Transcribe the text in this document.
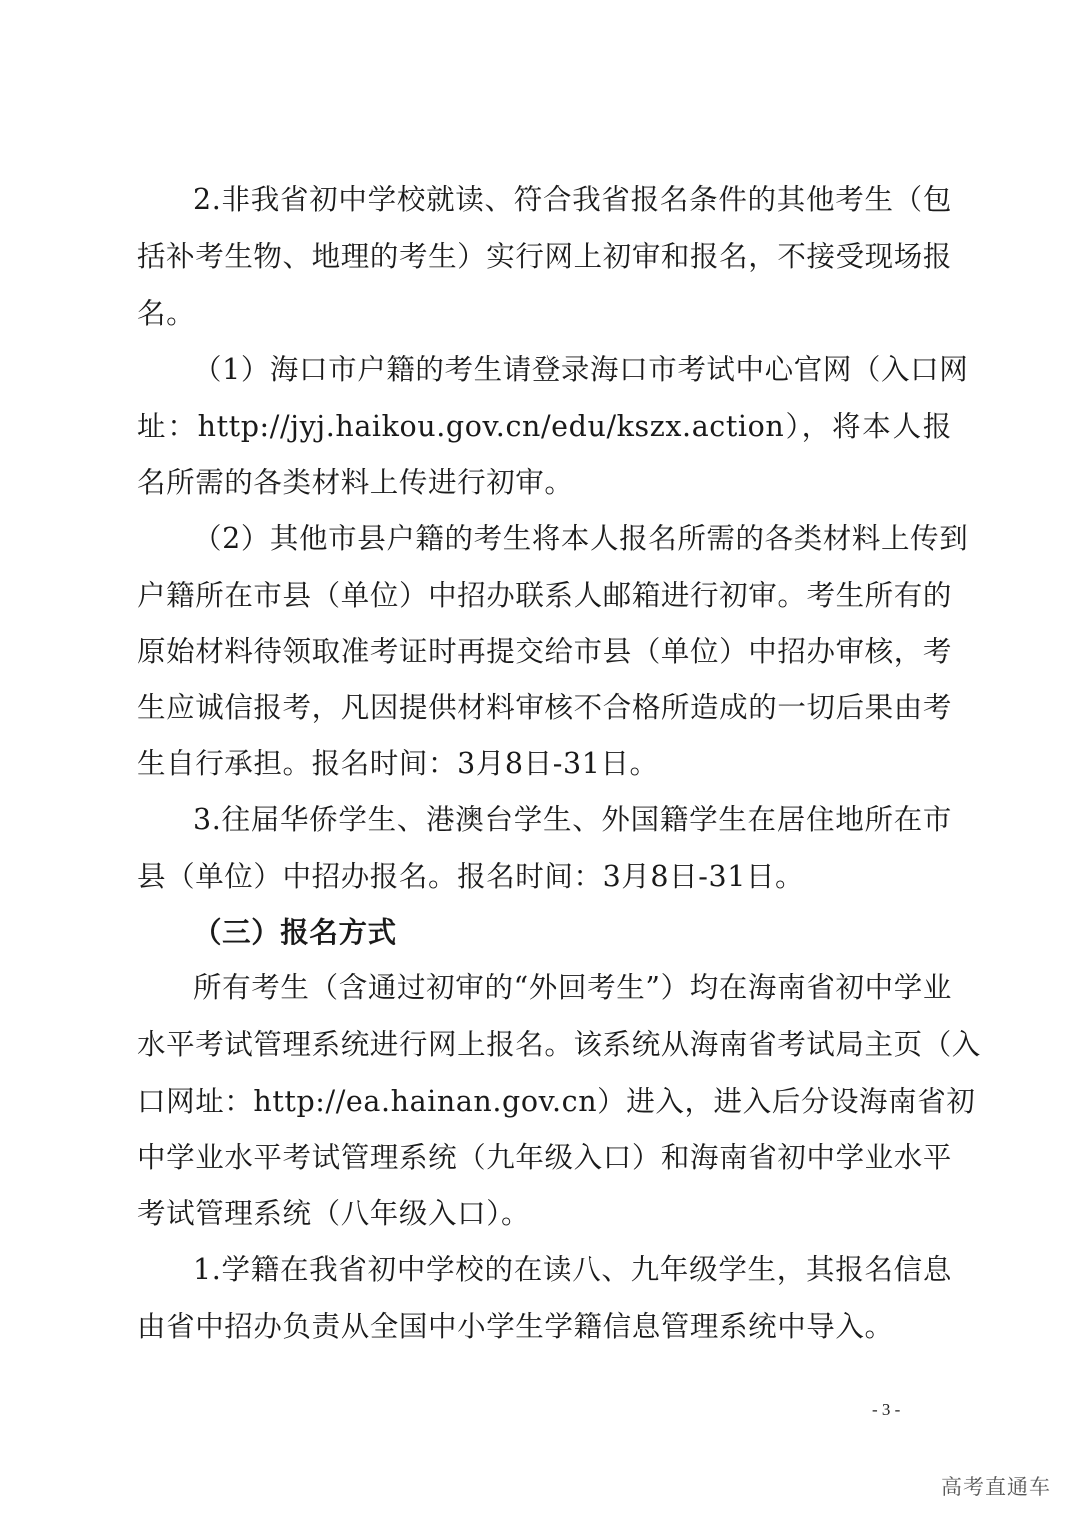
2.非我省初中学校就读、符合我省报名条件的其他考生（包
括补考生物、地理的考生）实行网上初审和报名，不接受现场报
名。
（1）海口市户籍的考生请登录海口市考试中心官网（入口网
址：http://jyj.haikou.gov.cn/edu/kszx.action），将本人报
名所需的各类材料上传进行初审。
（2）其他市县户籍的考生将本人报名所需的各类材料上传到
户籍所在市县（单位）中招办联系人邮箱进行初审。考生所有的
原始材料待领取准考证时再提交给市县（单位）中招办审核，考
生应诚信报考，凡因提供材料审核不合格所造成的一切后果由考
生自行承担。报名时间：3月8日-31日。
3.往届华侨学生、港澳台学生、外国籍学生在居住地所在市
县（单位）中招办报名。报名时间：3月8日-31日。
（三）报名方式
所有考生（含通过初审的“外回考生”）均在海南省初中学业
水平考试管理系统进行网上报名。该系统从海南省考试局主页（入
口网址：http://ea.hainan.gov.cn）进入，进入后分设海南省初
中学业水平考试管理系统（九年级入口）和海南省初中学业水平
考试管理系统（八年级入口）。
1.学籍在我省初中学校的在读八、九年级学生，其报名信息
由省中招办负责从全国中小学生学籍信息管理系统中导入。
- 3 -
高考直通车
